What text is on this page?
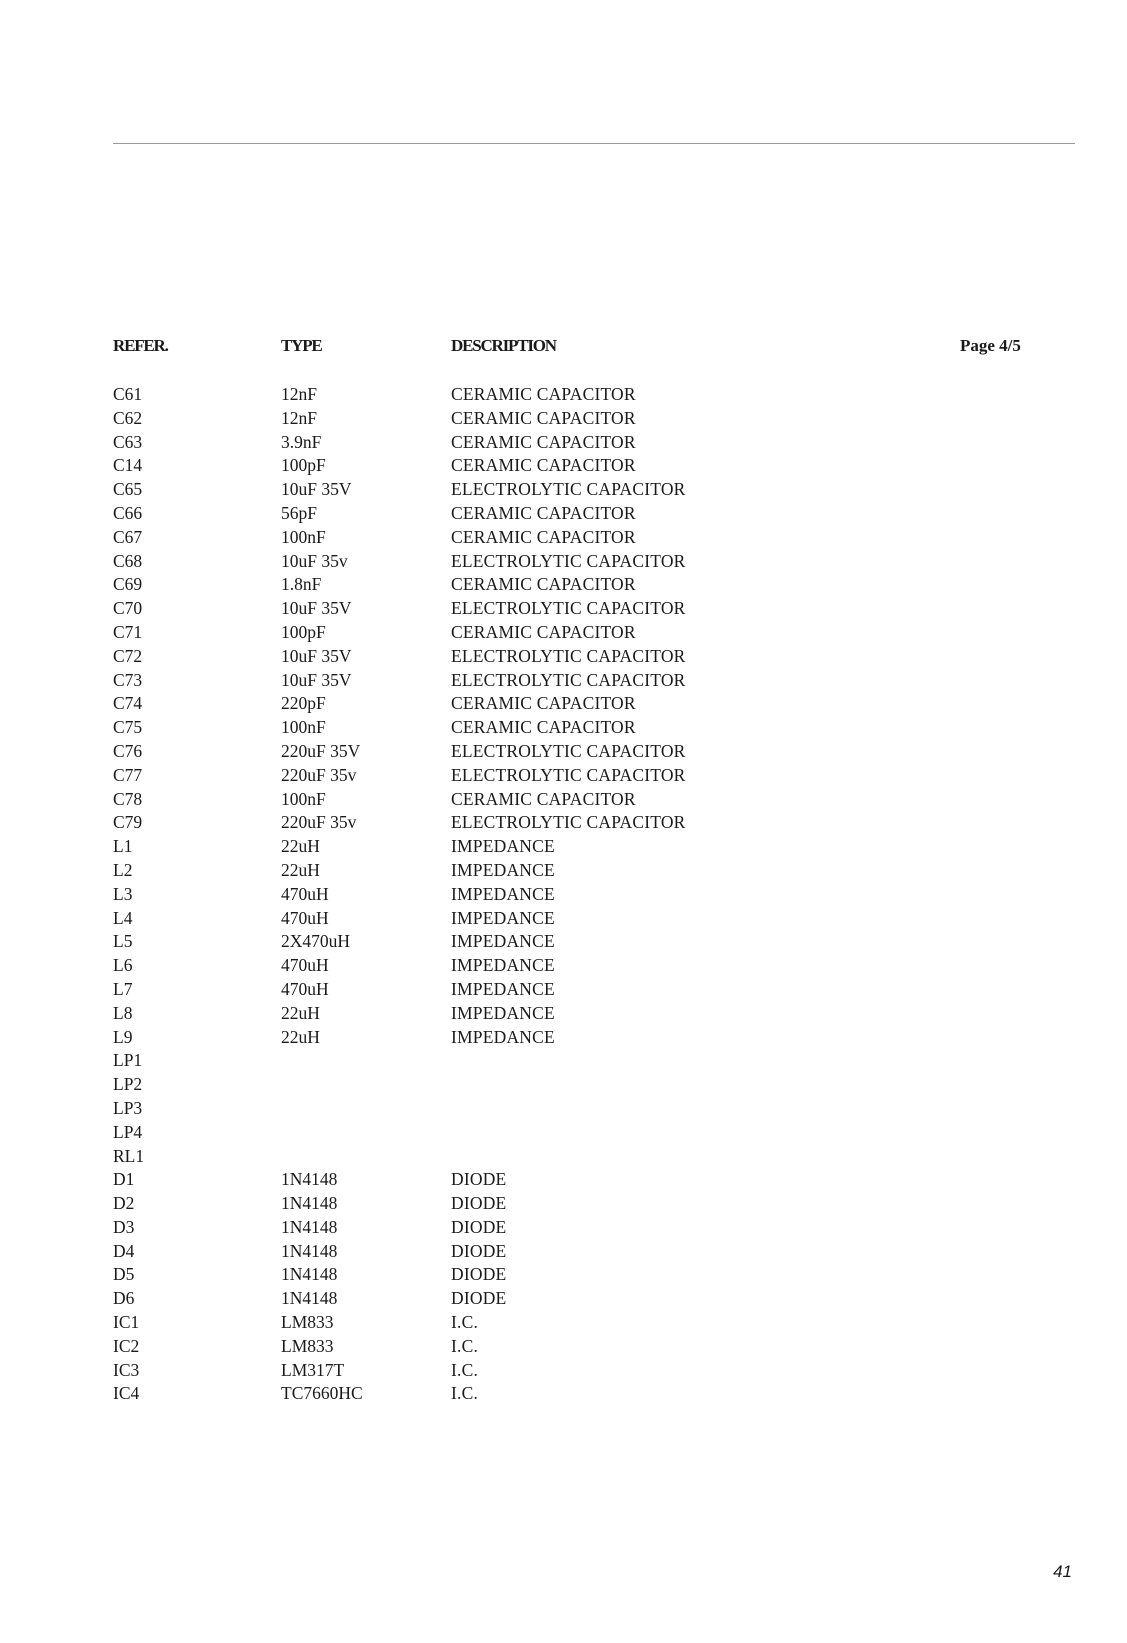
REFER.	TYPE	DESCRIPTION	Page 4/5
C61	12nF	CERAMIC CAPACITOR
C62	12nF	CERAMIC CAPACITOR
C63	3.9nF	CERAMIC CAPACITOR
C14	100pF	CERAMIC CAPACITOR
C65	10uF 35V	ELECTROLYTIC CAPACITOR
C66	56pF	CERAMIC CAPACITOR
C67	100nF	CERAMIC CAPACITOR
C68	10uF 35v	ELECTROLYTIC CAPACITOR
C69	1.8nF	CERAMIC CAPACITOR
C70	10uF 35V	ELECTROLYTIC CAPACITOR
C71	100pF	CERAMIC CAPACITOR
C72	10uF 35V	ELECTROLYTIC CAPACITOR
C73	10uF 35V	ELECTROLYTIC CAPACITOR
C74	220pF	CERAMIC CAPACITOR
C75	100nF	CERAMIC CAPACITOR
C76	220uF 35V	ELECTROLYTIC CAPACITOR
C77	220uF 35v	ELECTROLYTIC CAPACITOR
C78	100nF	CERAMIC CAPACITOR
C79	220uF 35v	ELECTROLYTIC CAPACITOR
L1	22uH	IMPEDANCE
L2	22uH	IMPEDANCE
L3	470uH	IMPEDANCE
L4	470uH	IMPEDANCE
L5	2X470uH	IMPEDANCE
L6	470uH	IMPEDANCE
L7	470uH	IMPEDANCE
L8	22uH	IMPEDANCE
L9	22uH	IMPEDANCE
LP1
LP2
LP3
LP4
RL1
D1	1N4148	DIODE
D2	1N4148	DIODE
D3	1N4148	DIODE
D4	1N4148	DIODE
D5	1N4148	DIODE
D6	1N4148	DIODE
IC1	LM833	I.C.
IC2	LM833	I.C.
IC3	LM317T	I.C.
IC4	TC7660HC	I.C.
41
